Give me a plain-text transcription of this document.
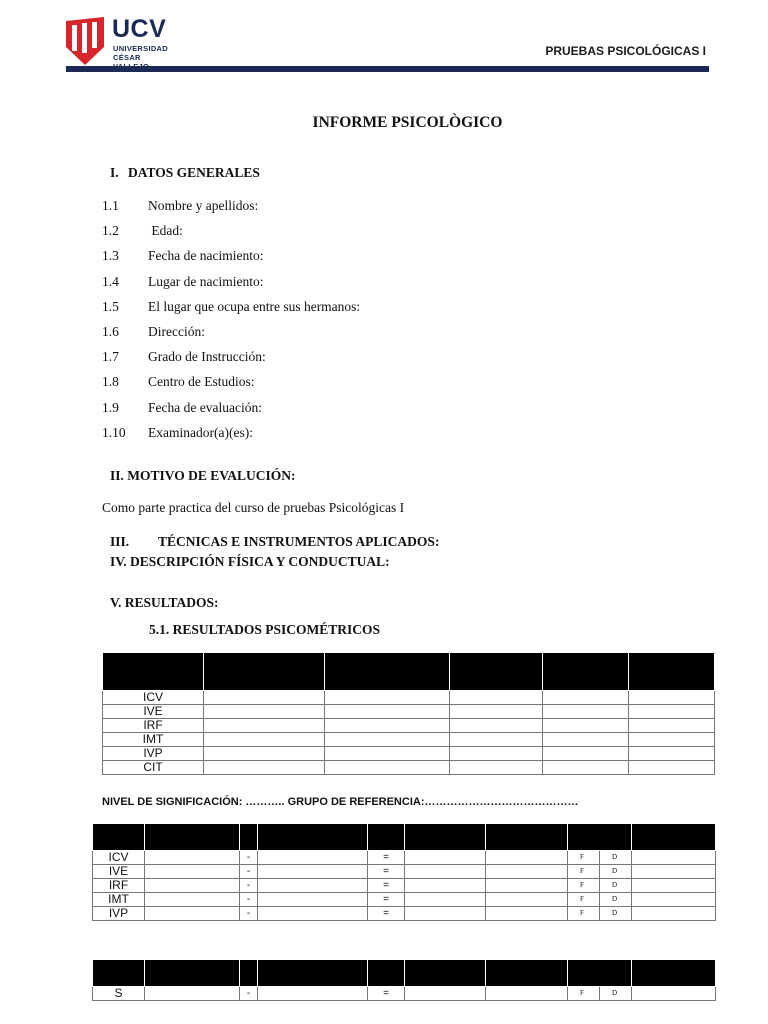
UCV
UNIVERSIDAD
CÉSAR	PRUEBAS PSICOLÓGICAS I
INFORME PSICOLÒGICO
I. DATOS GENERALES
1.1 Nombre y apellidos:
1.2 Edad:
1.3 Fecha de nacimiento:
1.4 Lugar de nacimiento:
1.5 El lugar que ocupa entre sus hermanos:
1.6 Dirección:
1.7 Grado de Instrucción:
1.8 Centro de Estudios:
1.9 Fecha de evaluación:
1.10 Examinador(a)(es):
II. MOTIVO DE EVALUCIÓN:
Como parte practica del curso de pruebas Psicológicas I
III. TÉCNICAS E INSTRUMENTOS APLICADOS:
IV. DESCRIPCIÓN FÍSICA Y CONDUCTUAL:
V. RESULTADOS:
5.1. RESULTADOS PSICOMÉTRICOS

ICV					
IVE					
IRF					
IMT					
IVP					
CIT					
NIVEL DE SIGNIFICACIÓN: ……….. GRUPO DE REFERENCIA:……………………………………

ICV		-		=			F	D	
IVE		-		=			F	D	
IRF		-		=			F	D	
IMT		-		=			F	D	
IVP		-		=			F	D	

S		-		=			F	D	
